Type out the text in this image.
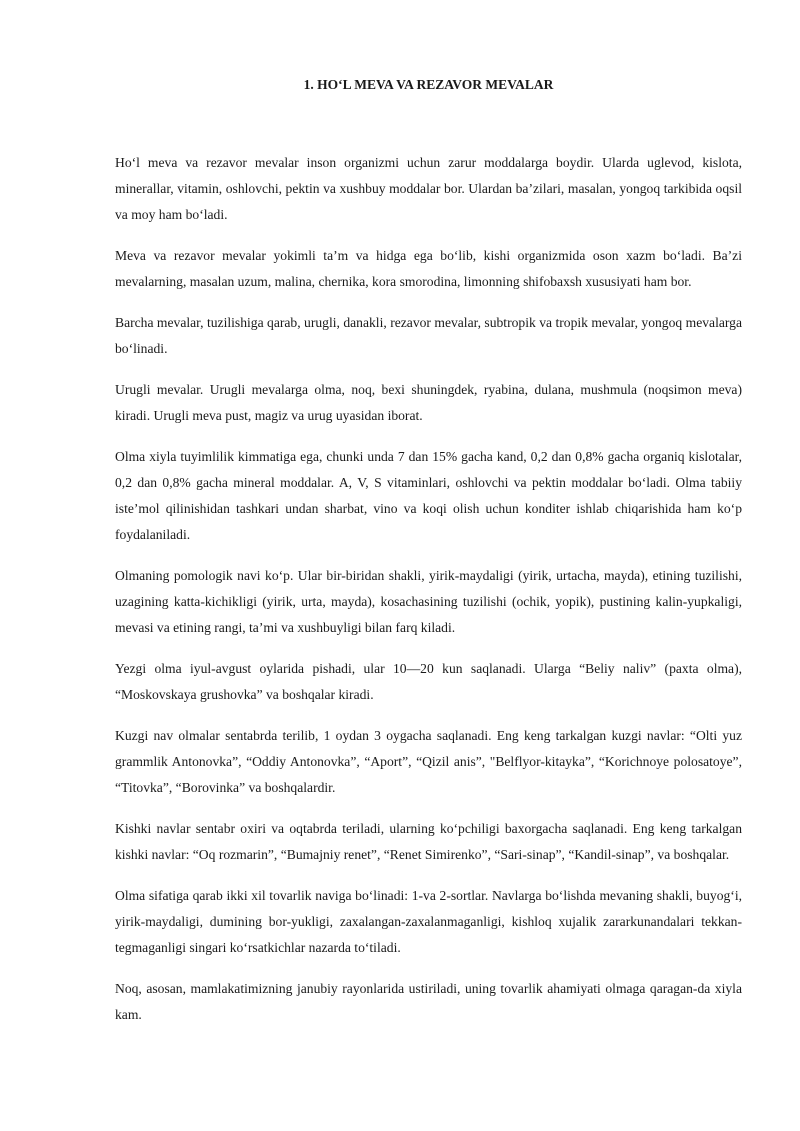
1. HO‘L MEVA VA REZAVOR MEVALAR

Ho‘l meva va rezavor mevalar inson organizmi uchun zarur moddalarga boydir. Ularda uglevod, kislota, minerallar, vitamin, oshlovchi, pektin va xushbuy moddalar bor. Ulardan ba’zilari, masalan, yongoq tarkibida oqsil va moy ham bo‘ladi.

Meva va rezavor mevalar yokimli ta’m va hidga ega bo‘lib, kishi organizmida oson xazm bo‘ladi. Ba’zi mevalarning, masalan uzum, malina, chernika, kora smorodina, limonning shifobaxsh xususiyati ham bor.

Barcha mevalar, tuzilishiga qarab, urugli, danakli, rezavor mevalar, subtropik va tropik mevalar, yongoq mevalarga bo‘linadi.

Urugli mevalar. Urugli mevalarga olma, noq, bexi shuningdek, ryabina, dulana, mushmula (noqsimon meva) kiradi. Urugli meva pust, magiz va urug uyasidan iborat.

Olma xiyla tuyimlilik kimmatiga ega, chunki unda 7 dan 15% gacha kand, 0,2 dan 0,8% gacha organiq kislotalar, 0,2 dan 0,8% gacha mineral moddalar. A, V, S vitaminlari, oshlovchi va pektin moddalar bo‘ladi. Olma tabiiy iste’mol qilinishidan tashkari undan sharbat, vino va koqi olish uchun konditer ishlab chiqarishida ham ko‘p foydalaniladi.

Olmaning pomologik navi ko‘p. Ular bir-biridan shakli, yirik-maydaligi (yirik, urtacha, mayda), etining tuzilishi, uzagining katta-kichikligi (yirik, urta, mayda), kosachasining tuzilishi (ochik, yopik), pustining kalin-yupkaligi, mevasi va etining rangi, ta’mi va xushbuyligi bilan farq kiladi.

Yezgi olma iyul-avgust oylarida pishadi, ular 10—20 kun saqlanadi. Ularga “Beliy naliv” (paxta olma), “Moskovskaya grushovka” va boshqalar kiradi.

Kuzgi nav olmalar sentabrda terilib, 1 oydan 3 oygacha saqlanadi. Eng keng tarkalgan kuzgi navlar: “Olti yuz grammlik Antonovka”, “Oddiy Antonovka”, “Aport”, “Qizil anis”, "Belflyor-kitayka”, “Korichnoye polosatoye”, “Titovka”, “Borovinka” va boshqalardir.

Kishki navlar sentabr oxiri va oqtabrda teriladi, ularning ko‘pchiligi baxorgacha saqlanadi. Eng keng tarkalgan kishki navlar: “Oq rozmarin”, “Bumajniy renet”, “Renet Simirenko”, “Sari-sinap”, “Kandil-sinap”, va boshqalar.

Olma sifatiga qarab ikki xil tovarlik naviga bo‘linadi: 1-va 2-sortlar. Navlarga bo‘lishda mevaning shakli, buyog‘i, yirik-maydaligi, dumining bor-yukligi, zaxalangan-zaxalanmaganligi, kishloq xujalik zararkunandalari tekkan-tegmaganligi singari ko‘rsatkichlar nazarda to‘tiladi.

Noq, asosan, mamlakatimizning janubiy rayonlarida ustiriladi, uning tovarlik ahamiyati olmaga qaragan-da xiyla kam.
